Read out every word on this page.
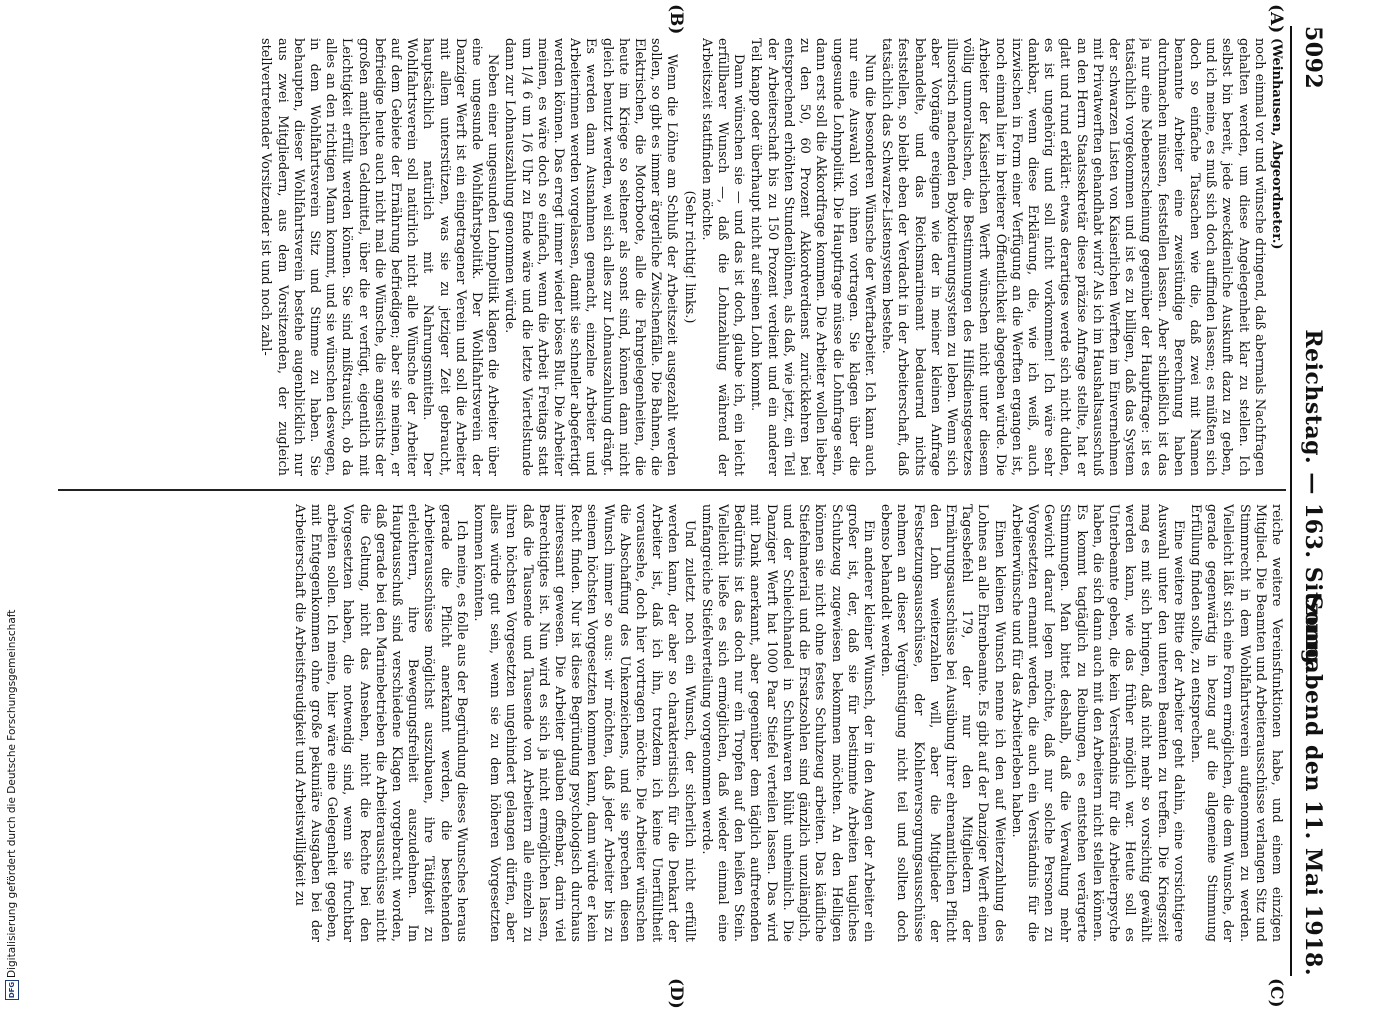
5092
Reichstag. — 163. Sitzung.
Sonnabend den 11. Mai 1918.
(A)
(B)
(C)
(D)

(Weinhausen, Abgeordneter.)

noch einmal vor und wünsche dringend, daß abermals Nachfragen gehalten werden, um diese Angelegenheit klar zu stellen. Ich selbst bin bereit, jede zweckdienliche Auskunft dazu zu geben, und ich meine, es muß sich doch auffinden lassen; es müßten sich doch so einfache Tatsachen wie die, daß zwei mit Namen benannte Arbeiter eine zweistündige Berechnung haben durchmachen müssen, feststellen lassen. Aber schließlich ist das ja nur eine Nebenerscheinung gegenüber der Hauptfrage: ist es tatsächlich vorgekommen und ist es zu billigen, daß das System der schwarzen Listen von Kaiserlichen Werften im Einvernehmen mit Privatwerften gehandhabt wird? Als ich im Haushaltsausschuß an den Herrn Staatssekretär diese präzise Anfrage stellte, hat er glatt und rund erklärt: etwas derartiges werde sich nicht dulden, es ist ungehörig und soll nicht vorkommen! Ich wäre sehr dankbar, wenn diese Erklärung, die, wie ich weiß, auch inzwischen in Form einer Verfügung an die Werften ergangen ist, noch einmal hier in breiterer Öffentlichkeit abgegeben würde. Die Arbeiter der Kaiserlichen Werft wünschen nicht unter diesem völlig unmoralischen, die Bestimmungen des Hilfsdienstgesetzes illusorisch machenden Boykottierungssystem zu leben. Wenn sich aber Vorgänge ereignen wie der in meiner kleinen Anfrage behandelte, und das Reichsmarineamt bedauernd nichts feststellen, so bleibt eben der Verdacht in der Arbeiterschaft, daß tatsächlich das Schwarze-Listensystem bestehe.

Nun die besonderen Wünsche der Werftarbeiter. Ich kann auch nur eine Auswahl von ihnen vortragen. Sie klagen über die ungesunde Lohnpolitik. Die Hauptfrage müsse die Lohnfrage sein, dann erst soll die Akkordfrage kommen. Die Arbeiter wollen lieber zu den 50, 60 Prozent Akkordverdienst zurückkehren bei entsprechend erhöhten Stundenlöhnen, als daß, wie jetzt, ein Teil der Arbeiterschaft bis zu 150 Prozent verdient und ein anderer Teil knapp oder überhaupt nicht auf seinen Lohn kommt.

Dann wünschen sie — und das ist doch, glaube ich, ein leicht erfüllbarer Wunsch —, daß die Lohnzahlung während der Arbeitszeit stattfinden möchte.

(Sehr richtig! links.)

Wenn die Löhne am Schluß der Arbeitszeit ausgezahlt werden sollen, so gibt es immer ärgerliche Zwischenfälle. Die Bahnen, die Elektrischen, die Motorboote, alle die Fahrgelegenheiten, die heute im Kriege so seltener als sonst sind, können dann nicht gleich benutzt werden, weil sich alles zur Lohnauszahlung drängt. Es werden dann Ausnahmen gemacht, einzelne Arbeiter und Arbeiterinnen werden vorgelassen, damit sie schneller abgefertigt werden können. Das erregt immer wieder böses Blut. Die Arbeiter meinen, es wäre doch so einfach, wenn die Arbeit Freitags statt um 1/4 6 um 1/6 Uhr zu Ende wäre und die letzte Viertelstunde dann zur Lohnauszahlung genommen würde.

Neben einer ungesunden Lohnpolitik klagen die Arbeiter über eine ungesunde Wohlfahrtspolitik. Der Wohlfahrtsverein der Danziger Werft ist ein eingetragener Verein und soll die Arbeiter mit allem unterstützen, was sie zu jetziger Zeit gebraucht, hauptsächlich natürlich mit Nahrungsmitteln. Der Wohlfahrtsverein soll natürlich nicht alle Wünsche der Arbeiter auf dem Gebiete der Ernährung befriedigen; aber sie meinen, er befriedige heute auch nicht mal die Wünsche, die angesichts der großen amtlichen Geldmittel, über die er verfügt, eigentlich mit Leichtigkeit erfüllt werden können. Sie sind mißtrauisch, ob da alles an den richtigen Mann kommt, und sie wünschen deswegen, in dem Wohlfahrtsverein Sitz und Stimme zu haben. Sie behaupten, dieser Wohlfahrtsverein bestehe augenblicklich nur aus zwei Mitgliedern, aus dem Vorsitzenden, der zugleich stellvertretender Vorsitzender ist und noch zahl-

reiche weitere Vereinsfunktionen habe, und einem einzigen Mitglied. Die Beamten und Arbeiterausschüsse verlangen Sitz und Stimmrecht in dem Wohlfahrtsverein aufgenommen zu werden. Vielleicht läßt sich eine Form ermöglichen, die dem Wunsche, der gerade gegenwärtig in bezug auf die allgemeine Stimmung Erfüllung finden sollte, zu entsprechen.

Eine weitere Bitte der Arbeiter geht dahin, eine vorsichtigere Auswahl unter den unteren Beamten zu treffen. Die Kriegszeit mag es mit sich bringen, daß nicht mehr so vorsichtig gewählt werden kann, wie das früher möglich war. Heute soll es Unterbeamte geben, die kein Verständnis für die Arbeiterpsyche haben, die sich dann auch mit den Arbeitern nicht stellen können. Es kommt tagtäglich zu Reibungen, es entstehen verärgerte Stimmungen. Man bittet deshalb, daß die Verwaltung mehr Gewicht darauf legen möchte, daß nur solche Personen zu Vorgesetzten ernannt werden, die auch ein Verständnis für die Arbeiterwünsche und für das Arbeiterleben haben.

Einen kleinen Wunsch nenne ich den auf Weiterzahlung des Lohnes an alle Ehrenbeamte. Es gibt auf der Danziger Werft einen Tagesbefehl 179, der nur den Mitgliedern der Ernährungsausschüsse bei Ausübung ihrer ehrenamtlichen Pflicht den Lohn weiterzahlen will, aber die Mitglieder der Festsetzungsausschüsse, der Kohlenversorgungsausschüsse nehmen an dieser Vergünstigung nicht teil und sollten doch ebenso behandelt werden.

Ein anderer kleiner Wunsch, der in den Augen der Arbeiter ein großer ist, der, daß sie für bestimmte Arbeiten taugliches Schuhzeug zugewiesen bekommen möchten. An den Helligen können sie nicht ohne festes Schuhzeug arbeiten. Das käufliche Stiefelmaterial und die Ersatzsohlen sind gänzlich unzulänglich, und der Schleichhandel in Schuhwaren blüht unheimlich. Die Danziger Werft hat 1000 Paar Stiefel verteilen lassen. Das wird mit Dank anerkannt, aber gegenüber dem täglich auftretenden Bedürfnis ist das doch nur ein Tropfen auf den heißen Stein. Vielleicht ließe es sich ermöglichen, daß wieder einmal eine umfangreiche Stiefelverteilung vorgenommen werde.

Und zuletzt noch ein Wunsch, der sicherlich nicht erfüllt werden kann, der aber so charakteristisch für die Denkart der Arbeiter ist, daß ich ihn, trotzdem ich keine Unerfülltheit voraussehe, doch hier vortragen möchte. Die Arbeiter wünschen die Abschaffung des Unkenzeichens, und sie sprechen diesen Wunsch immer so aus: wir möchten, daß jeder Arbeiter bis zu seinem höchsten Vorgesetzten kommen kann, dann würde er kein Recht finden. Nur ist diese Begründung psychologisch durchaus interessant gewesen. Die Arbeiter glauben offenbar, darin viel Berechtigtes ist. Nun wird es sich ja nicht ermöglichen lassen, daß die Tausende und Tausende von Arbeitern alle einzeln zu ihren höchsten Vorgesetzten ungehindert gelangen dürfen, aber alles würde gut sein, wenn sie zu dem höheren Vorgesetzten kommen könnten.

Ich meine, es folle aus der Begründung dieses Wunsches heraus gerade die Pflicht anerkannt werden, die bestehenden Arbeiterausschüsse möglichst auszubauen, ihre Tätigkeit zu erleichtern, ihre Bewegungsfreiheit auszudehnen. Im Hauptausschuß sind verschiedene Klagen vorgebracht worden, daß gerade bei den Marinebetrieben die Arbeiterausschüsse nicht die Geltung, nicht das Ansehen, nicht die Rechte bei den Vorgesetzten haben, die notwendig sind, wenn sie fruchtbar arbeiten sollen. Ich meine, hier wäre eine Gelegenheit gegeben, mit Entgegenkommen ohne große pekuniäre Ausgaben bei der Arbeiterschaft die Arbeitsfreudigkeit und Arbeitswilligkeit zu

DFG
Digitalisierung gefördert durch die Deutsche Forschungsgemeinschaft
